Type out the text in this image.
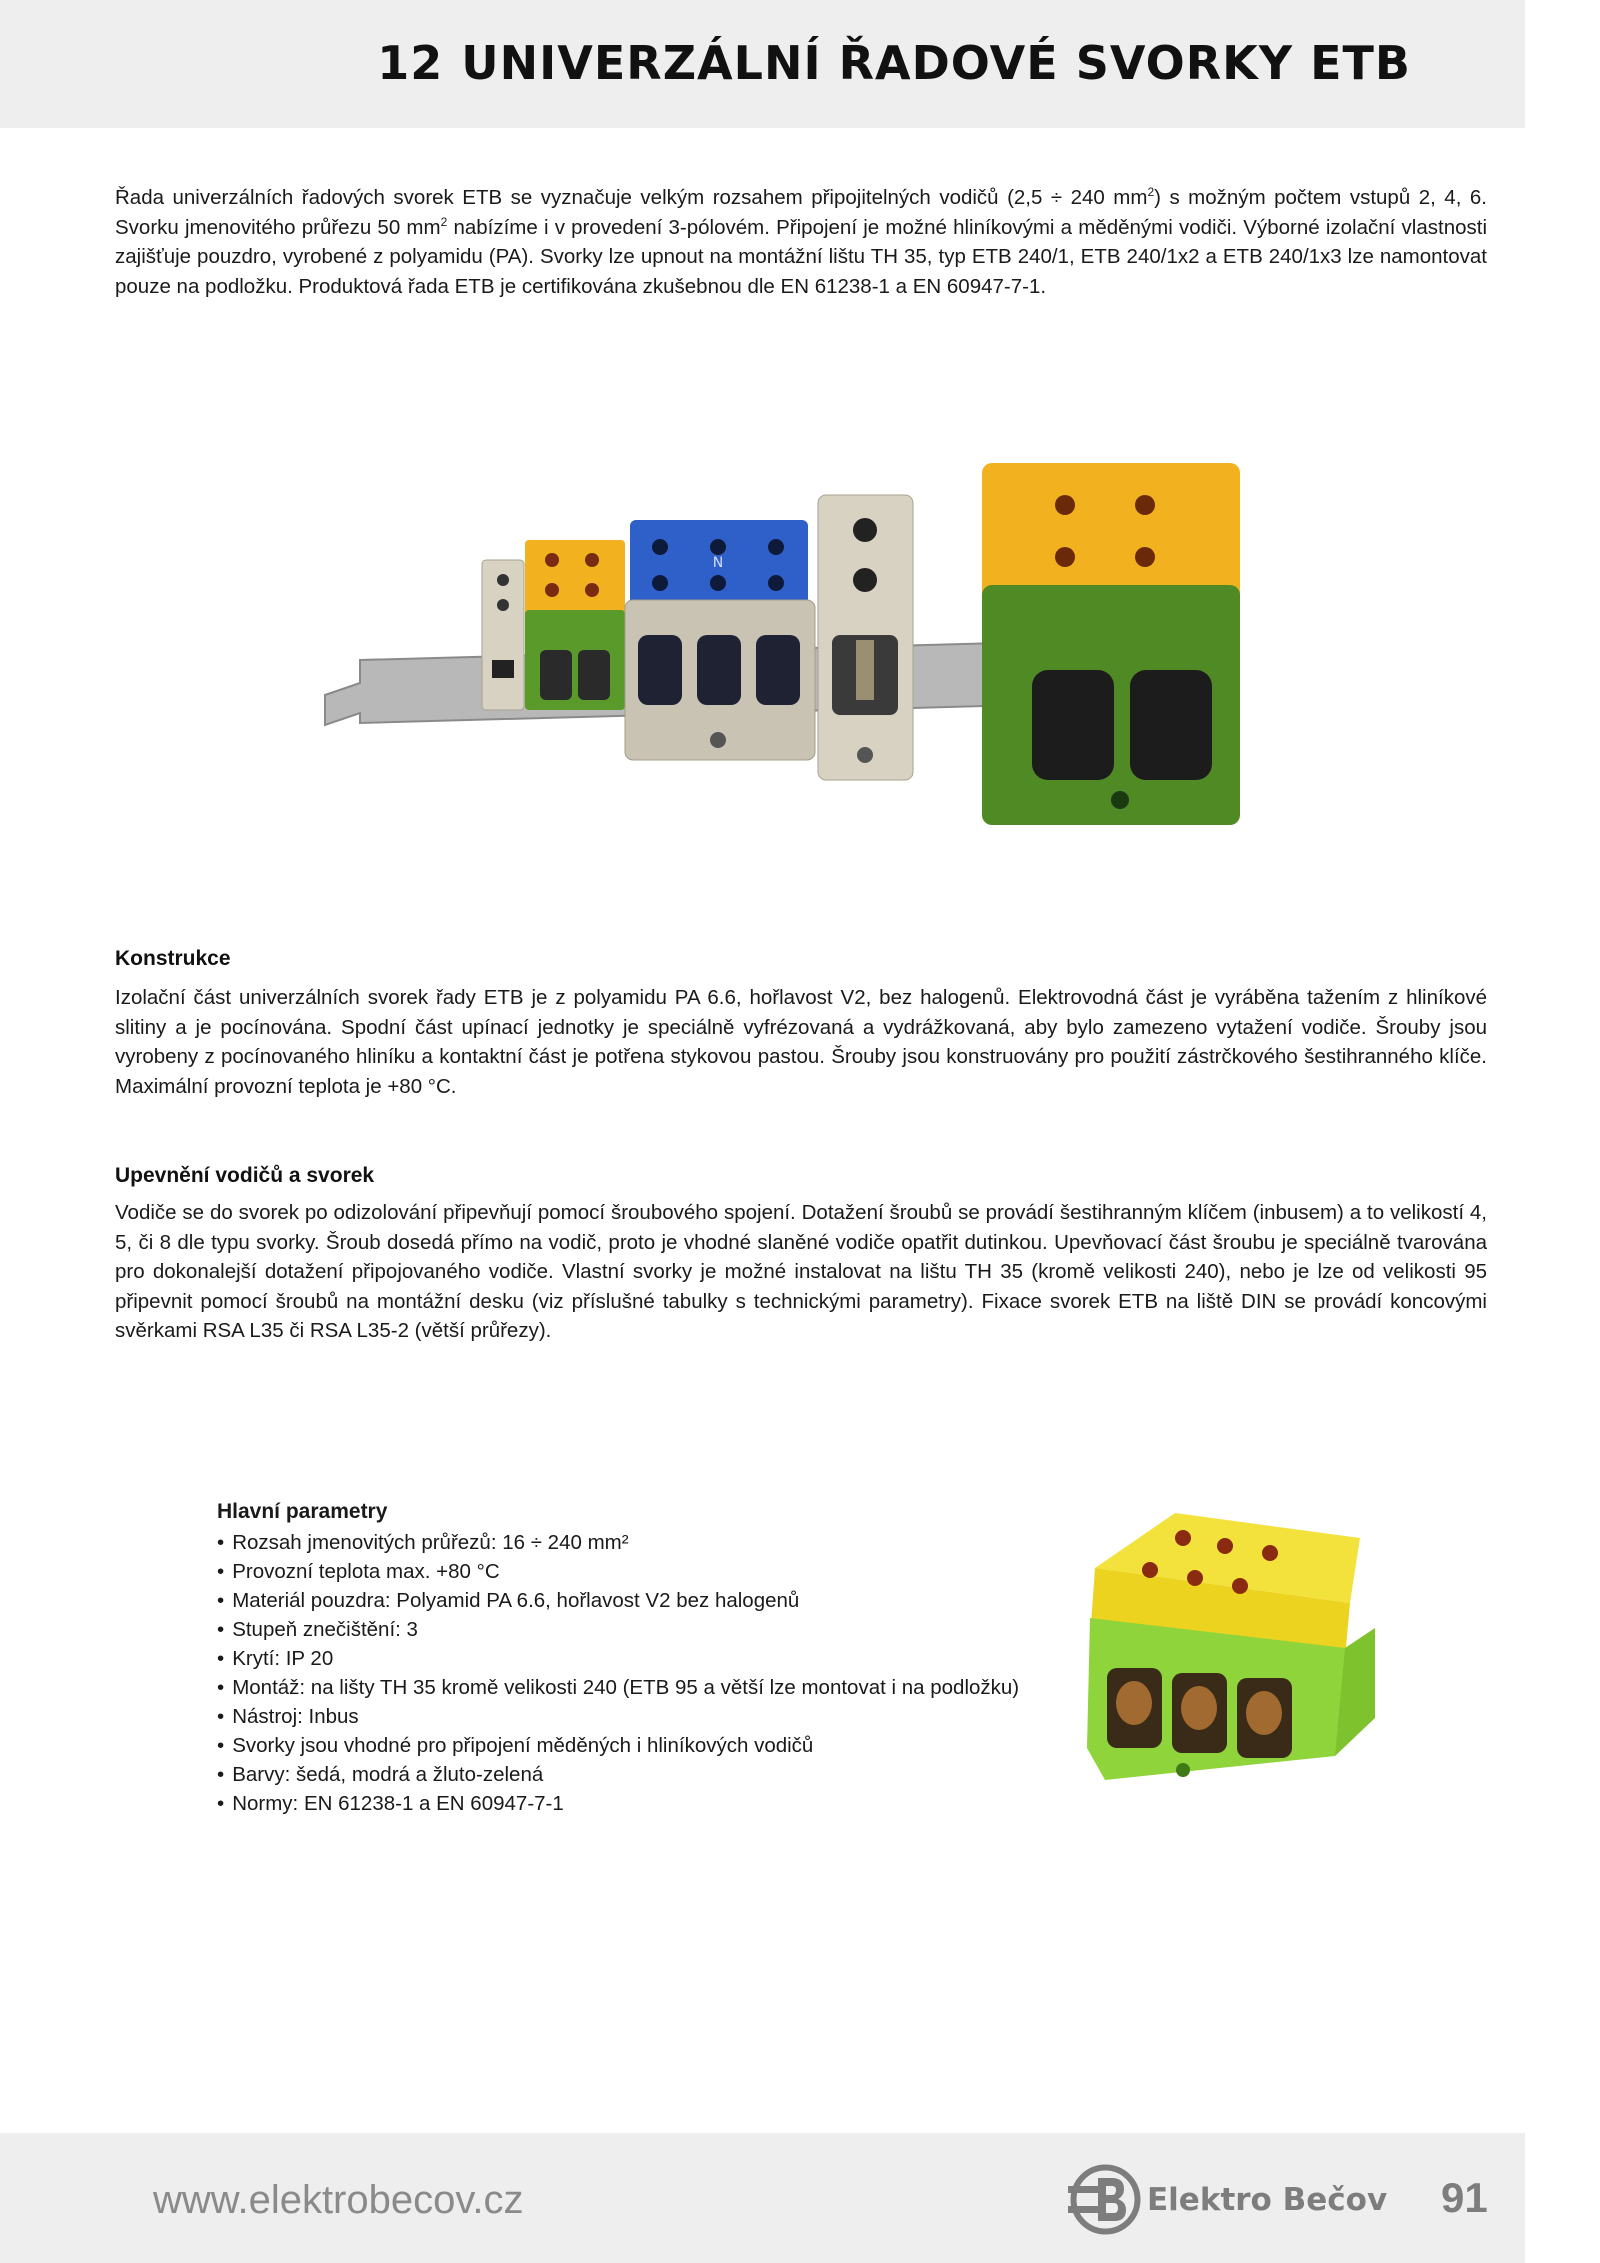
12 UNIVERZÁLNÍ ŘADOVÉ SVORKY ETB
Řada univerzálních řadových svorek ETB se vyznačuje velkým rozsahem připojitelných vodičů (2,5 ÷ 240 $mm^2$) s možným počtem vstupů 2, 4, 6. Svorku jmenovitého průřezu 50 $mm^2$ nabízíme i v provedení 3-pólovém. Připojení je možné hliníkovými a měděnými vodiči. Výborné izolační vlastnosti zajišťuje pouzdro, vyrobené z polyamidu (PA). Svorky lze upnout na montážní lištu TH 35, typ ETB 240/1, ETB 240/1x2 a ETB 240/1x3 lze namontovat pouze na podložku. Produktová řada ETB je certifikována zkušebnou dle EN 61238-1 a EN 60947-7-1.
N
Konstrukce
Izolační část univerzálních svorek řady ETB je z polyamidu PA 6.6, hořlavost V2, bez halogenů. Elektrovodná část je vyráběna tažením z hliníkové slitiny a je pocínována. Spodní část upínací jednotky je speciálně vyfrézovaná a vydrážkovaná, aby bylo zamezeno vytažení vodiče. Šrouby jsou vyrobeny z pocínovaného hliníku a kontaktní část je potřena stykovou pastou. Šrouby jsou konstruovány pro použití zástrčkového šestihranného klíče. Maximální provozní teplota je +80 °C.
Upevnění vodičů a svorek
Vodiče se do svorek po odizolování připevňují pomocí šroubového spojení. Dotažení šroubů se provádí šestihranným klíčem (inbusem) a to velikostí 4, 5, či 8 dle typu svorky. Šroub dosedá přímo na vodič, proto je vhodné slaněné vodiče opatřit dutinkou. Upevňovací část šroubu je speciálně tvarována pro dokonalejší dotažení připojovaného vodiče. Vlastní svorky je možné instalovat na lištu TH 35 (kromě velikosti 240), nebo je lze od velikosti 95 připevnit pomocí šroubů na montážní desku (viz příslušné tabulky s technickými parametry). Fixace svorek ETB na liště DIN se provádí koncovými svěrkami RSA L35 či RSA L35-2 (větší průřezy).
Hlavní parametry
• Rozsah jmenovitých průřezů: 16 ÷ 240 mm²
• Provozní teplota max. +80 °C
• Materiál pouzdra: Polyamid PA 6.6, hořlavost V2 bez halogenů
• Stupeň znečištění: 3
• Krytí: IP 20
• Montáž: na lišty TH 35 kromě velikosti 240 (ETB 95 a větší lze montovat i na podložku)
• Nástroj: Inbus
• Svorky jsou vhodné pro připojení měděných i hliníkových vodičů
• Barvy: šedá, modrá a žluto-zelená
• Normy: EN 61238-1 a EN 60947-7-1
www.elektrobecov.cz	Elektro Bečov 91
